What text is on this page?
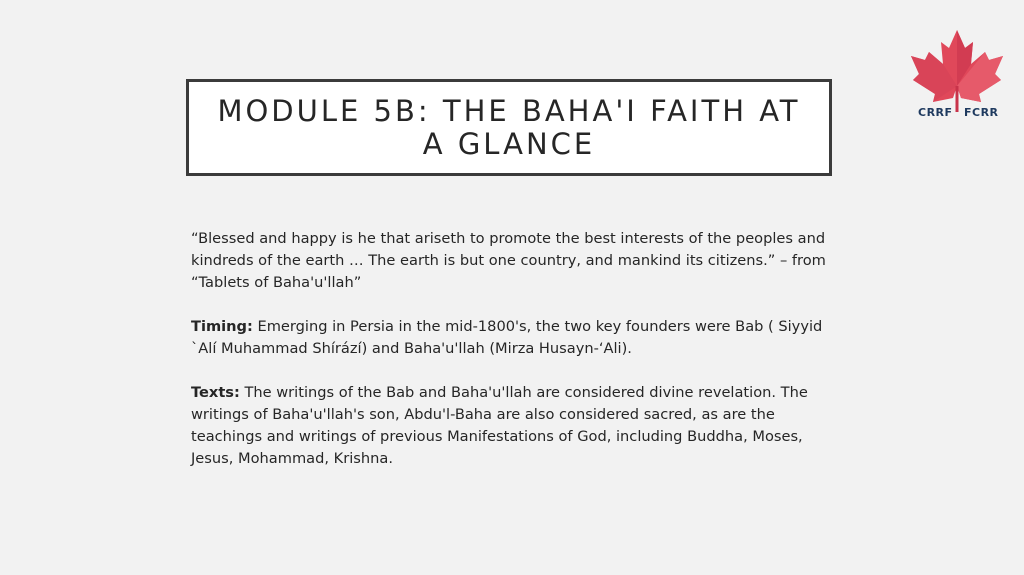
MODULE 5B: THE BAHA'I FAITH AT A GLANCE
CRRF FCRR

“Blessed and happy is he that ariseth to promote the best interests of the peoples and kindreds of the earth … The earth is but one country, and mankind its citizens.” – from “Tablets of Baha'u'llah”

Timing: Emerging in Persia in the mid-1800's, the two key founders were Bab ( Siyyid `Alí Muhammad Shírází) and Baha'u'llah (Mirza Husayn-‘Ali).

Texts: The writings of the Bab and Baha'u'llah are considered divine revelation. The writings of Baha'u'llah's son, Abdu'l-Baha are also considered sacred, as are the teachings and writings of previous Manifestations of God, including Buddha, Moses, Jesus, Mohammad, Krishna.
